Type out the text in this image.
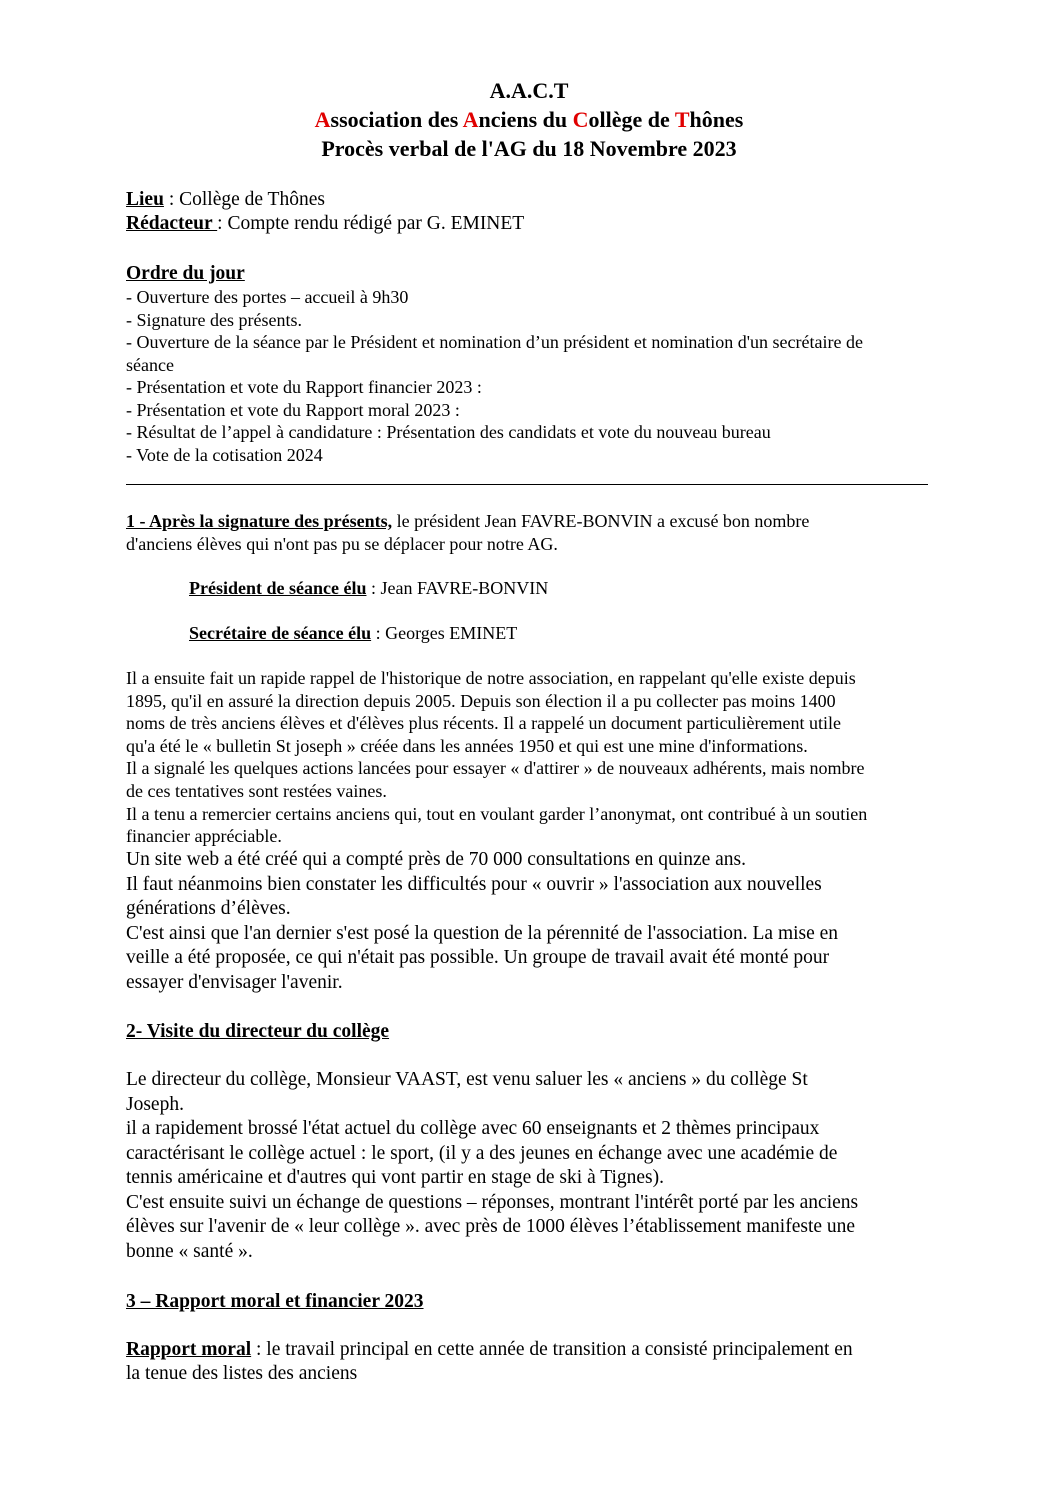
A.A.C.T
Association des Anciens du Collège de Thônes
Procès verbal de l'AG du 18 Novembre 2023
Lieu : Collège de Thônes
Rédacteur : Compte rendu rédigé par G. EMINET
Ordre du jour
- Ouverture des portes – accueil à 9h30
- Signature des présents.
- Ouverture de la séance par le Président et nomination d’un président et nomination d'un secrétaire de
séance
- Présentation et vote du Rapport financier 2023 :
- Présentation et vote du Rapport moral 2023 :
- Résultat de l’appel à candidature : Présentation des candidats et vote du nouveau bureau
- Vote de la cotisation 2024
1 - Après la signature des présents, le président Jean FAVRE-BONVIN a excusé bon nombre
d'anciens élèves qui n'ont pas pu se déplacer pour notre AG.
Président de séance élu : Jean FAVRE-BONVIN
Secrétaire de séance élu : Georges EMINET
Il a ensuite fait un rapide rappel de l'historique de notre association, en rappelant qu'elle existe depuis
1895, qu'il en assuré la direction depuis 2005. Depuis son élection il a pu collecter pas moins 1400
noms de très anciens élèves et d'élèves plus récents. Il a rappelé un document particulièrement utile
qu'a été le « bulletin St joseph » créée dans les années 1950 et qui est une mine d'informations.
Il a signalé les quelques actions lancées pour essayer « d'attirer » de nouveaux adhérents, mais nombre
de ces tentatives sont restées vaines.
Il a tenu a remercier certains anciens qui, tout en voulant garder l’anonymat, ont contribué à un soutien
financier appréciable.
Un site web a été créé qui a compté près de 70 000 consultations en quinze ans.
Il faut néanmoins bien constater les difficultés pour « ouvrir » l'association aux nouvelles
générations d’élèves.
C'est ainsi que l'an dernier s'est posé la question de la pérennité de l'association. La mise en
veille a été proposée, ce qui n'était pas possible. Un groupe de travail avait été monté pour
essayer d'envisager l'avenir.
2- Visite du directeur du collège
Le directeur du collège, Monsieur VAAST, est venu saluer les « anciens » du collège St
Joseph.
il a rapidement brossé l'état actuel du collège avec 60 enseignants et 2 thèmes principaux
caractérisant le collège actuel : le sport, (il y a des jeunes en échange avec une académie de
tennis américaine et d'autres qui vont partir en stage de ski à Tignes).
C'est ensuite suivi un échange de questions – réponses, montrant l'intérêt porté par les anciens
élèves sur l'avenir de « leur collège ». avec près de 1000 élèves l’établissement manifeste une
bonne « santé ».
3 – Rapport moral et financier 2023
Rapport moral : le travail principal en cette année de transition a consisté principalement en
la tenue des listes des anciens
